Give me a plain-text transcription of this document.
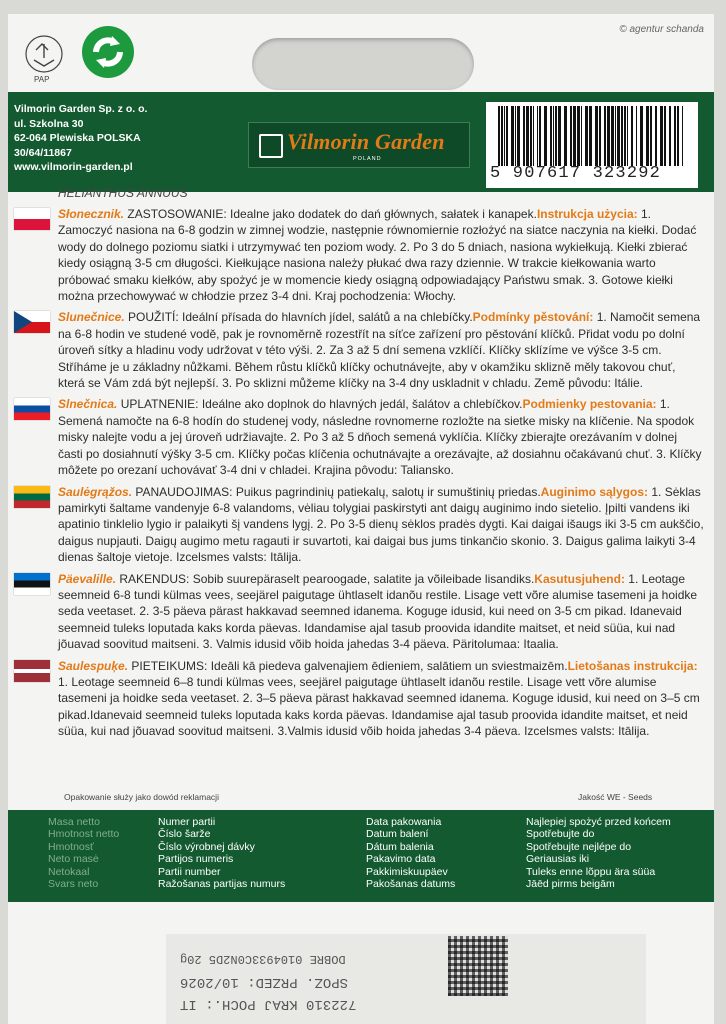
© agentur schanda
PAP
Vilmorin Garden Sp. z o. o.
ul. Szkolna 30
62-064 Plewiska POLSKA
30/64/11867
www.vilmorin-garden.pl
Vilmorin Garden
POLAND
5 907617 323292
HELIANTHUS ANNUUS
Słonecznik. ZASTOSOWANIE: Idealne jako dodatek do dań głównych, sałatek i kanapek.Instrukcja użycia: 1. Zamoczyć nasiona na 6-8 godzin w zimnej wodzie, następnie równomiernie rozłożyć na siatce naczynia na kiełki. Dodać wody do dolnego poziomu siatki i utrzymywać ten poziom wody. 2. Po 3 do 5 dniach, nasiona wykiełkują. Kiełki zbierać kiedy osiągną 3-5 cm długości. Kiełkujące nasiona należy płukać dwa razy dziennie. W trakcie kiełkowania warto próbować smaku kiełków, aby spożyć je w momencie kiedy osiągną odpowiadający Państwu smak. 3. Gotowe kiełki można przechowywać w chłodzie przez 3-4 dni. Kraj pochodzenia: Włochy.
Slunečnice. POUŽITÍ: Ideální přísada do hlavních jídel, salátů a na chlebíčky.Podmínky pěstování: 1. Namočit semena na 6-8 hodin ve studené vodě, pak je rovnoměrně rozestřít na síťce zařízení pro pěstování klíčků. Přidat vodu po dolní úroveň sítky a hladinu vody udržovat v této výši. 2. Za 3 až 5 dní semena vzklíčí. Klíčky sklízíme ve výšce 3-5 cm. Stříháme je u základny nůžkami. Během růstu klíčků klíčky ochutnávejte, aby v okamžiku sklizně měly takovou chuť, která se Vám zdá být nejlepší. 3. Po sklizni můžeme klíčky na 3-4 dny uskladnit v chladu. Země původu: Itálie.
Slnečnica. UPLATNENIE: Ideálne ako doplnok do hlavných jedál, šalátov a chlebíčkov.Podmienky pestovania: 1. Semená namočte na 6-8 hodín do studenej vody, následne rovnomerne rozložte na sietke misky na klíčenie. Na spodok misky nalejte vodu a jej úroveň udržiavajte. 2. Po 3 až 5 dňoch semená vyklíčia. Klíčky zbierajte orezávaním v dolnej časti po dosiahnutí výšky 3-5 cm. Klíčky počas klíčenia ochutnávajte a orezávajte, až dosiahnu očakávanú chuť. 3. Klíčky môžete po orezaní uchovávať 3-4 dni v chladei. Krajina pôvodu: Taliansko.
Saulėgrąžos. PANAUDOJIMAS: Puikus pagrindinių patiekalų, salotų ir sumuštinių priedas.Auginimo sąlygos: 1. Sėklas pamirkyti šaltame vandenyje 6-8 valandoms, vėliau tolygiai paskirstyti ant daigų auginimo indo sietelio. Įpilti vandens iki apatinio tinklelio lygio ir palaikyti šį vandens lygį. 2. Po 3-5 dienų sėklos pradės dygti. Kai daigai išaugs iki 3-5 cm aukščio, daigus nupjauti. Daigų augimo metu ragauti ir suvartoti, kai daigai bus jums tinkančio skonio. 3. Daigus galima laikyti 3-4 dienas šaltoje vietoje. Izcelsmes valsts: Itālija.
Päevalille. RAKENDUS: Sobib suurepäraselt pearoogade, salatite ja võileibade lisandiks.Kasutusjuhend: 1. Leotage seemneid 6-8 tundi külmas vees, seejärel paigutage ühtlaselt idanõu restile. Lisage vett võre alumise tasemeni ja hoidke seda veetaset. 2. 3-5 päeva pärast hakkavad seemned idanema. Koguge idusid, kui need on 3-5 cm pikad. Idanevaid seemneid tuleks loputada kaks korda päevas. Idandamise ajal tasub proovida idandite maitset, et neid süüa, kui nad jõuavad soovitud maitseni. 3. Valmis idusid võib hoida jahedas 3-4 päeva. Päritolumaa: Itaalia.
Saulespuķe. PIETEIKUMS: Ideāli kā piedeva galvenajiem ēdieniem, salātiem un sviestmaizēm.Lietošanas instrukcija: 1. Leotage seemneid 6–8 tundi külmas vees, seejärel paigutage ühtlaselt idanõu restile. Lisage vett võre alumise tasemeni ja hoidke seda veetaset. 2. 3–5 päeva pärast hakkavad seemned idanema. Koguge idusid, kui need on 3–5 cm pikad.Idanevaid seemneid tuleks loputada kaks korda päevas. Idandamise ajal tasub proovida idandite maitset, et neid süüa, kui nad jõuavad soovitud maitseni. 3.Valmis idusid võib hoida jahedas 3-4 päeva. Izcelsmes valsts: Itālija.
Opakowanie służy jako dowód reklamacji	Jakość WE - Seeds
Masa netto
Hmotnost netto
Hmotnosť
Neto masė
Netokaal
Svars neto
Numer partii
Číslo šarže
Číslo výrobnej dávky
Partijos numeris
Partii number
Ražošanas partijas numurs
Data pakowania
Datum balení
Dátum balenia
Pakavimo data
Pakkimiskuupäev
Pakošanas datums
Najlepiej spożyć przed końcem
Spotřebujte do
Spotřebujte nejlépe do
Geriausias iki
Tuleks enne lõppu ära süüa
Jāēd pirms beigām
722310 KRAJ POCH.: IT
SPOZ. PRZED: 10/2026
DOBRE 0104933C0N2D5 20g
